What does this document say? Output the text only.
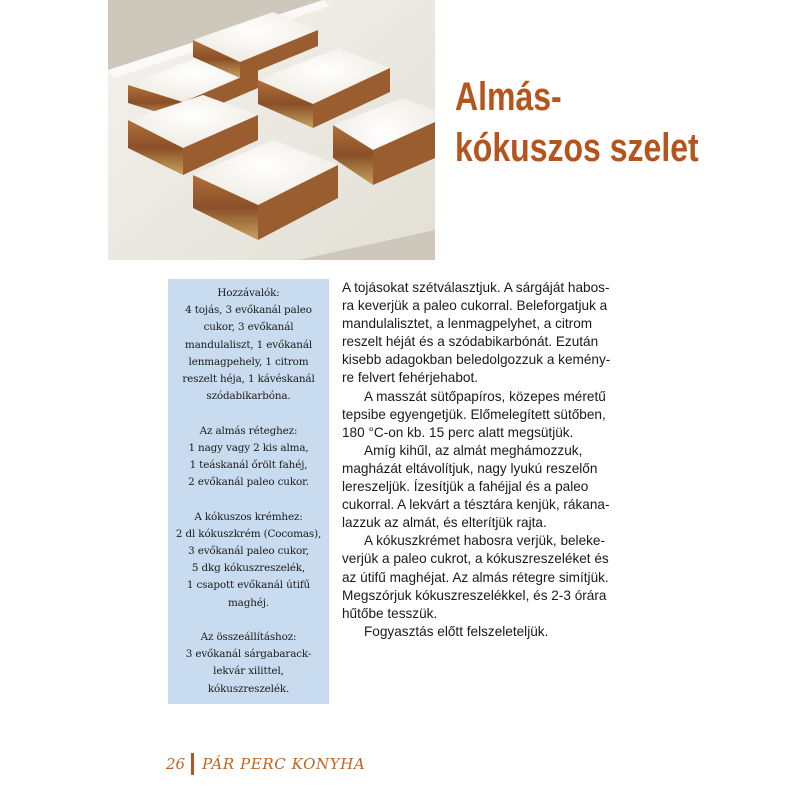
Almás-
kókuszos szelet
Hozzávalók:
4 tojás, 3 evőkanál paleo
cukor, 3 evőkanál
mandulaliszt, 1 evőkanál
lenmagpehely, 1 citrom
reszelt héja, 1 kávéskanál
szódabikarbóna.
Az almás réteghez:
1 nagy vagy 2 kis alma,
1 teáskanál őrölt fahéj,
2 evőkanál paleo cukor.
A kókuszos krémhez:
2 dl kókuszkrém (Cocomas),
3 evőkanál paleo cukor,
5 dkg kókuszreszelék,
1 csapott evőkanál útifű
maghéj.
Az összeállításhoz:
3 evőkanál sárgabarack-
lekvár xilittel,
kókuszreszelék.
A tojásokat szétválasztjuk. A sárgáját habos-
ra keverjük a paleo cukorral. Beleforgatjuk a
mandulalisztet, a lenmagpelyhet, a citrom
reszelt héját és a szódabikarbónát. Ezután
kisebb adagokban beledolgozzuk a kemény-
re felvert fehérjehabot.
A masszát sütőpapíros, közepes méretű
tepsibe egyengetjük. Előmelegített sütőben,
180 °C-on kb. 15 perc alatt megsütjük.
Amíg kihűl, az almát meghámozzuk,
magházát eltávolítjuk, nagy lyukú reszelőn
lereszeljük. Ízesítjük a fahéjjal és a paleo
cukorral. A lekvárt a tésztára kenjük, rákana-
lazzuk az almát, és elterítjük rajta.
A kókuszkrémet habosra verjük, beleke-
verjük a paleo cukrot, a kókuszreszeléket és
az útifű maghéjat. Az almás rétegre simítjük.
Megszórjuk kókuszreszelékkel, és 2-3 órára
hűtőbe tesszük.
Fogyasztás előtt felszeleteljük.
26 PÁR PERC KONYHA
